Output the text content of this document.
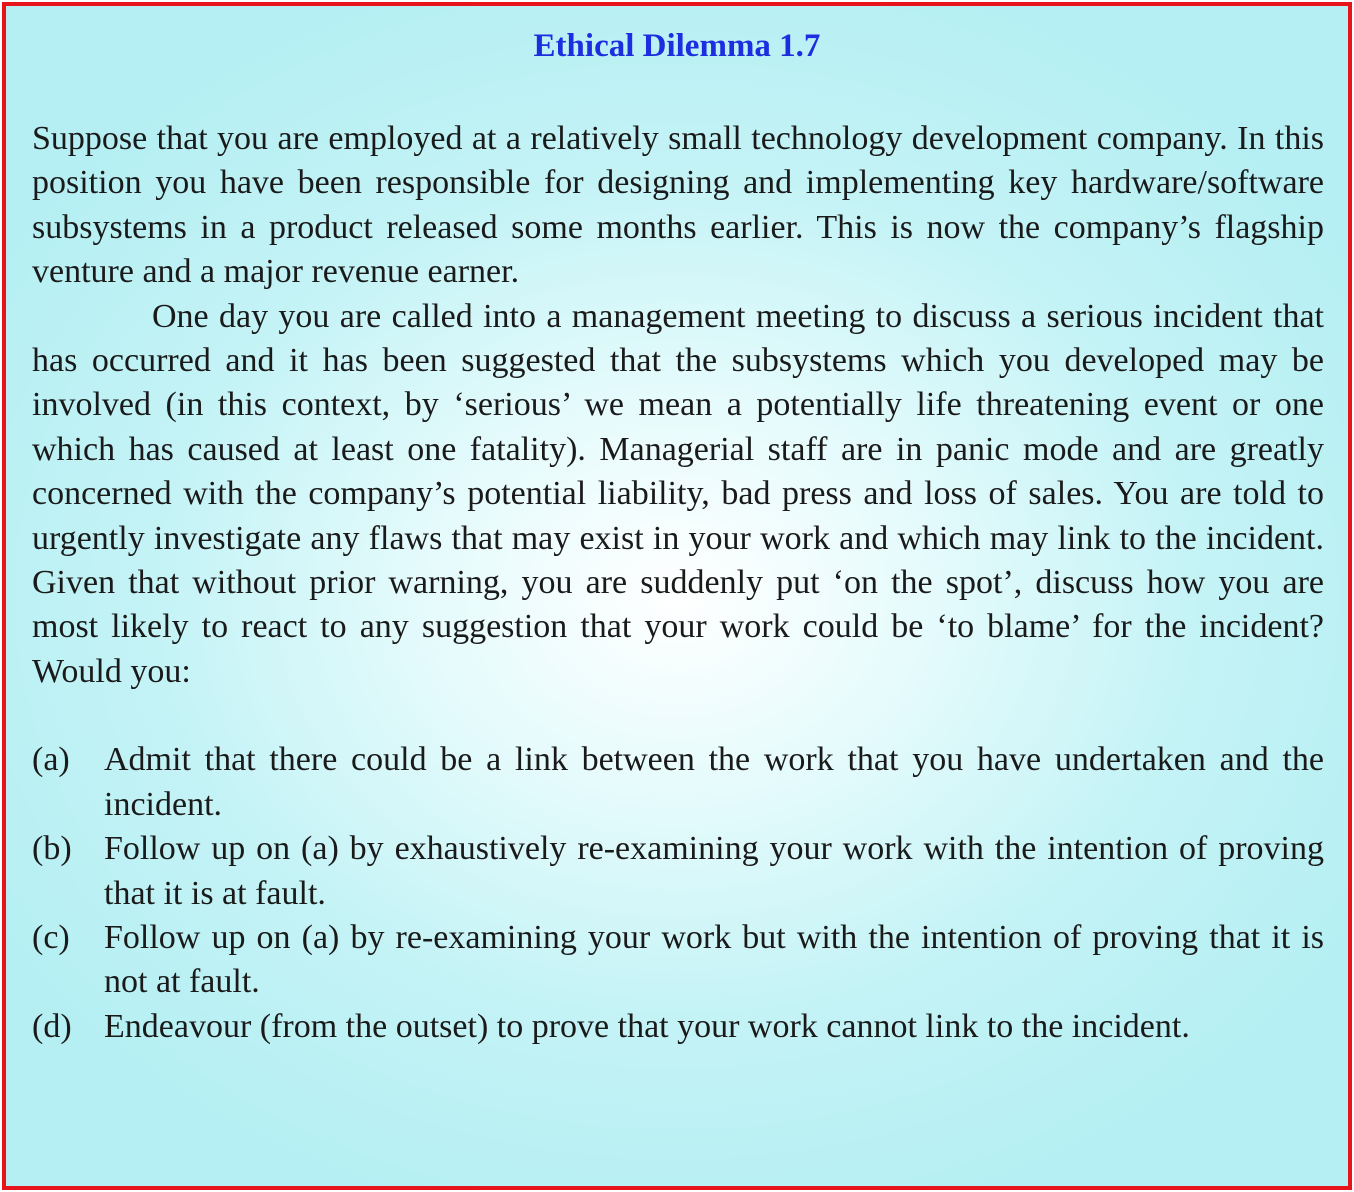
Ethical Dilemma 1.7

Suppose that you are employed at a relatively small technology development company. In this position you have been responsible for designing and implementing key hardware/software subsystems in a product released some months earlier. This is now the company’s flagship venture and a major revenue earner.

One day you are called into a management meeting to discuss a serious incident that has occurred and it has been suggested that the subsystems which you developed may be involved (in this context, by ‘serious’ we mean a potentially life threatening event or one which has caused at least one fatality). Managerial staff are in panic mode and are greatly concerned with the company’s potential liability, bad press and loss of sales. You are told to urgently investigate any flaws that may exist in your work and which may link to the incident. Given that without prior warning, you are suddenly put ‘on the spot’, discuss how you are most likely to react to any suggestion that your work could be ‘to blame’ for the incident? Would you:

(a)	Admit that there could be a link between the work that you have undertaken and the incident.
(b) Follow up on (a) by exhaustively re-examining your work with the intention of proving that it is at fault.
(c)	Follow up on (a) by re-examining your work but with the intention of proving that it is not at fault.
(d) Endeavour (from the outset) to prove that your work cannot link to the incident.
